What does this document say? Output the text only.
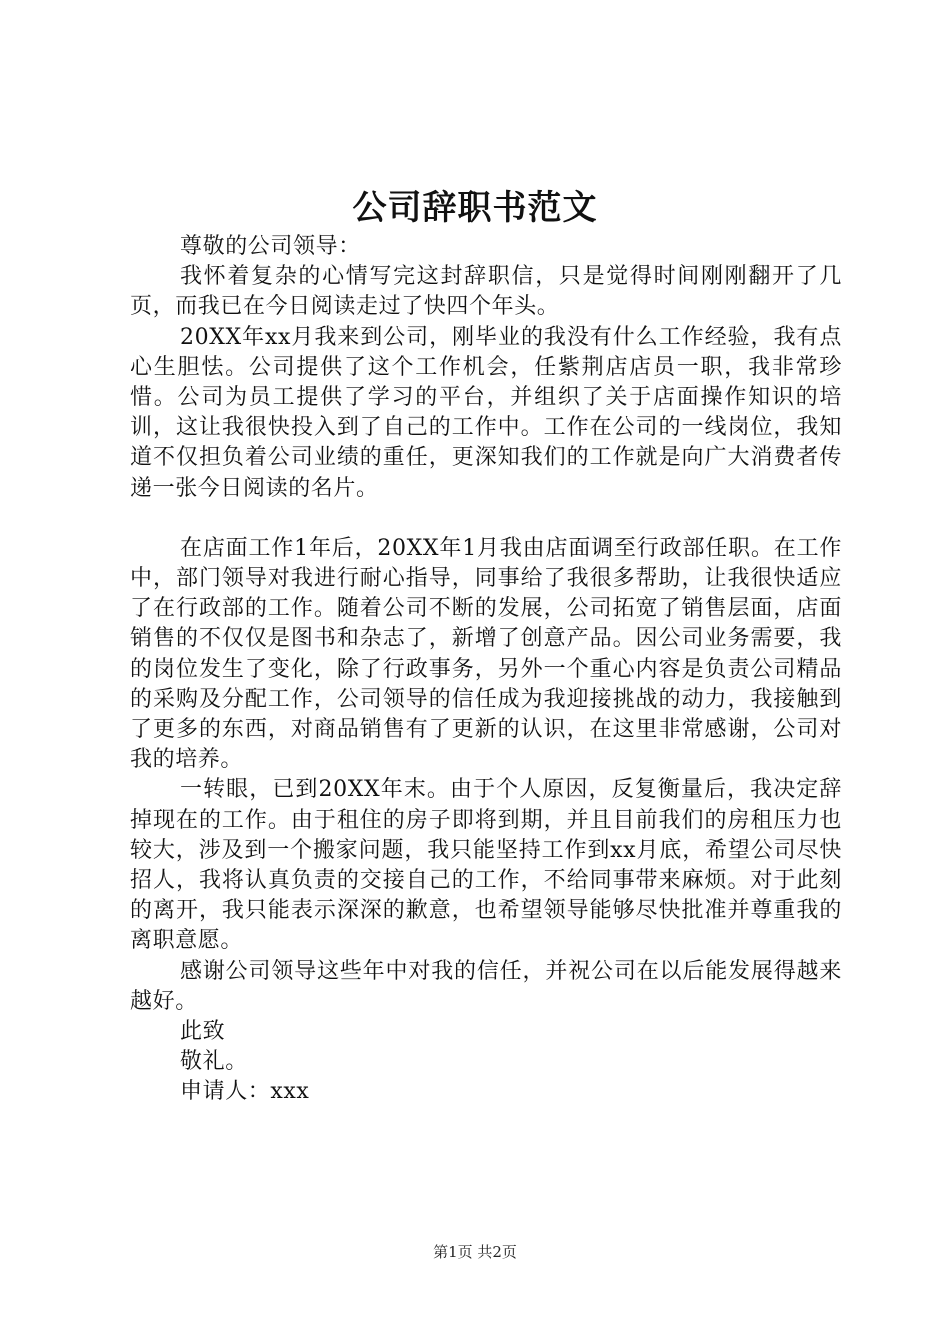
公司辞职书范文

尊敬的公司领导：

我怀着复杂的心情写完这封辞职信，只是觉得时间刚刚翻开了几页，而我已在今日阅读走过了快四个年头。

20XX年xx月我来到公司，刚毕业的我没有什么工作经验，我有点心生胆怯。公司提供了这个工作机会，任紫荆店店员一职，我非常珍惜。公司为员工提供了学习的平台，并组织了关于店面操作知识的培训，这让我很快投入到了自己的工作中。工作在公司的一线岗位，我知道不仅担负着公司业绩的重任，更深知我们的工作就是向广大消费者传递一张今日阅读的名片。

在店面工作1年后，20XX年1月我由店面调至行政部任职。在工作中，部门领导对我进行耐心指导，同事给了我很多帮助，让我很快适应了在行政部的工作。随着公司不断的发展，公司拓宽了销售层面，店面销售的不仅仅是图书和杂志了，新增了创意产品。因公司业务需要，我的岗位发生了变化，除了行政事务，另外一个重心内容是负责公司精品的采购及分配工作，公司领导的信任成为我迎接挑战的动力，我接触到了更多的东西，对商品销售有了更新的认识，在这里非常感谢，公司对我的培养。

一转眼，已到20XX年末。由于个人原因，反复衡量后，我决定辞掉现在的工作。由于租住的房子即将到期，并且目前我们的房租压力也较大，涉及到一个搬家问题，我只能坚持工作到xx月底，希望公司尽快招人，我将认真负责的交接自己的工作，不给同事带来麻烦。对于此刻的离开，我只能表示深深的歉意，也希望领导能够尽快批准并尊重我的离职意愿。

感谢公司领导这些年中对我的信任，并祝公司在以后能发展得越来越好。

此致

敬礼。

申请人：xxx

第1页 共2页
